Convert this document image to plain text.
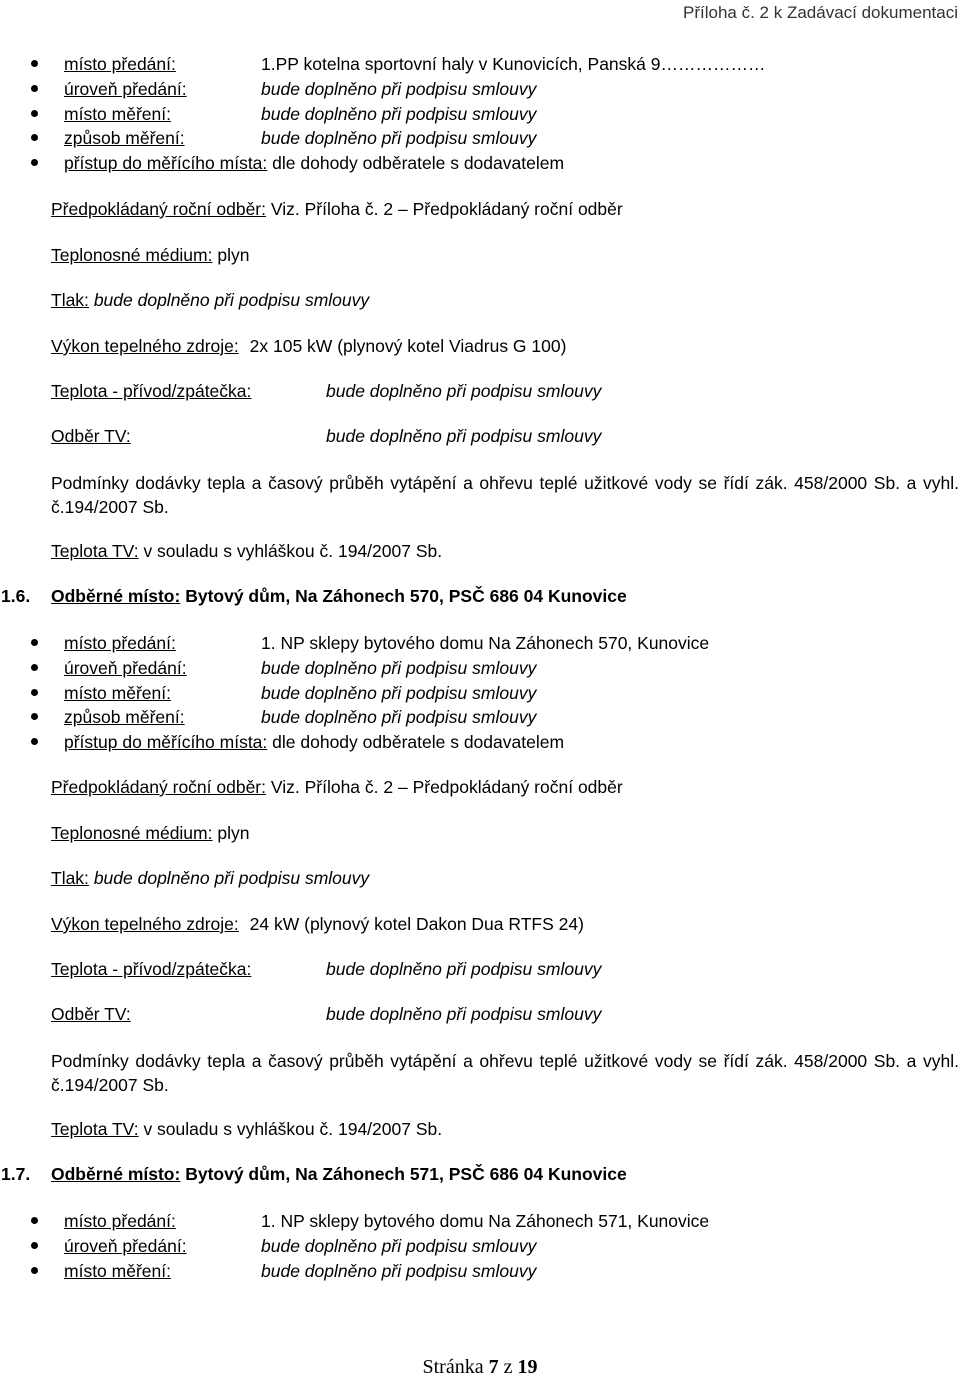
Příloha č. 2 k Zadávací dokumentaci
místo předání:	1.PP kotelna sportovní haly v Kunovicích, Panská 9………………
úroveň předání:	bude doplněno při podpisu smlouvy
místo měření:	bude doplněno při podpisu smlouvy
způsob měření:	bude doplněno při podpisu smlouvy
přístup do měřícího místa: dle dohody odběratele s dodavatelem
Předpokládaný roční odběr: Viz. Příloha č. 2 – Předpokládaný roční odběr
Teplonosné médium: plyn
Tlak: bude doplněno při podpisu smlouvy
Výkon tepelného zdroje: 2x 105 kW (plynový kotel Viadrus G 100)
Teplota - přívod/zpátečka:	bude doplněno při podpisu smlouvy
Odběr TV:	bude doplněno při podpisu smlouvy
Podmínky dodávky tepla a časový průběh vytápění a ohřevu teplé užitkové vody se řídí zák. 458/2000 Sb. a vyhl. č.194/2007 Sb.
Teplota TV: v souladu s vyhláškou č. 194/2007 Sb.
1.6. Odběrné místo: Bytový dům, Na Záhonech 570, PSČ 686 04 Kunovice
místo předání:	1. NP sklepy bytového domu Na Záhonech 570, Kunovice
úroveň předání:	bude doplněno při podpisu smlouvy
místo měření:	bude doplněno při podpisu smlouvy
způsob měření:	bude doplněno při podpisu smlouvy
přístup do měřícího místa: dle dohody odběratele s dodavatelem
Předpokládaný roční odběr: Viz. Příloha č. 2 – Předpokládaný roční odběr
Teplonosné médium: plyn
Tlak: bude doplněno při podpisu smlouvy
Výkon tepelného zdroje: 24 kW (plynový kotel Dakon Dua RTFS 24)
Teplota - přívod/zpátečka:	bude doplněno při podpisu smlouvy
Odběr TV:	bude doplněno při podpisu smlouvy
Podmínky dodávky tepla a časový průběh vytápění a ohřevu teplé užitkové vody se řídí zák. 458/2000 Sb. a vyhl. č.194/2007 Sb.
Teplota TV: v souladu s vyhláškou č. 194/2007 Sb.
1.7. Odběrné místo: Bytový dům, Na Záhonech 571, PSČ 686 04 Kunovice
místo předání:	1. NP sklepy bytového domu Na Záhonech 571, Kunovice
úroveň předání:	bude doplněno při podpisu smlouvy
místo měření:	bude doplněno při podpisu smlouvy
Stránka 7 z 19
